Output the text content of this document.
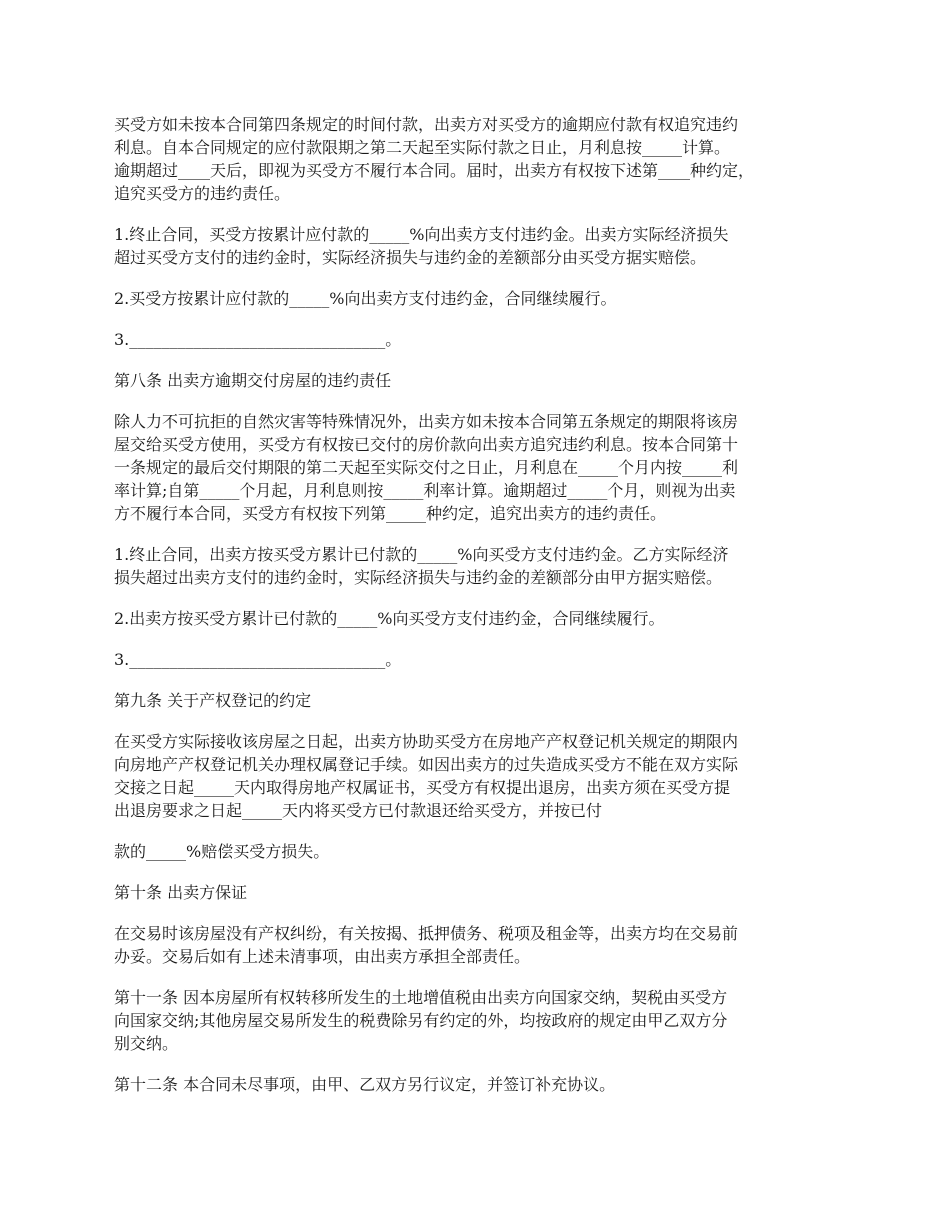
买受方如未按本合同第四条规定的时间付款，出卖方对买受方的逾期应付款有权追究违约
利息。自本合同规定的应付款限期之第二天起至实际付款之日止，月利息按_____计算。
逾期超过____天后，即视为买受方不履行本合同。届时，出卖方有权按下述第____种约定，
追究买受方的违约责任。

1.终止合同，买受方按累计应付款的_____%向出卖方支付违约金。出卖方实际经济损失
超过买受方支付的违约金时，实际经济损失与违约金的差额部分由买受方据实赔偿。

2.买受方按累计应付款的_____%向出卖方支付违约金，合同继续履行。

3.________________________________。

第八条 出卖方逾期交付房屋的违约责任

除人力不可抗拒的自然灾害等特殊情况外，出卖方如未按本合同第五条规定的期限将该房
屋交给买受方使用，买受方有权按已交付的房价款向出卖方追究违约利息。按本合同第十
一条规定的最后交付期限的第二天起至实际交付之日止，月利息在_____个月内按_____利
率计算;自第_____个月起，月利息则按_____利率计算。逾期超过_____个月，则视为出卖
方不履行本合同，买受方有权按下列第_____种约定，追究出卖方的违约责任。

1.终止合同，出卖方按买受方累计已付款的_____%向买受方支付违约金。乙方实际经济
损失超过出卖方支付的违约金时，实际经济损失与违约金的差额部分由甲方据实赔偿。

2.出卖方按买受方累计已付款的_____%向买受方支付违约金，合同继续履行。

3.________________________________。

第九条 关于产权登记的约定

在买受方实际接收该房屋之日起，出卖方协助买受方在房地产产权登记机关规定的期限内
向房地产产权登记机关办理权属登记手续。如因出卖方的过失造成买受方不能在双方实际
交接之日起_____天内取得房地产权属证书，买受方有权提出退房，出卖方须在买受方提
出退房要求之日起_____天内将买受方已付款退还给买受方，并按已付

款的_____%赔偿买受方损失。

第十条 出卖方保证

在交易时该房屋没有产权纠纷，有关按揭、抵押债务、税项及租金等，出卖方均在交易前
办妥。交易后如有上述未清事项，由出卖方承担全部责任。

第十一条 因本房屋所有权转移所发生的土地增值税由出卖方向国家交纳，契税由买受方
向国家交纳;其他房屋交易所发生的税费除另有约定的外，均按政府的规定由甲乙双方分
别交纳。

第十二条 本合同未尽事项，由甲、乙双方另行议定，并签订补充协议。
